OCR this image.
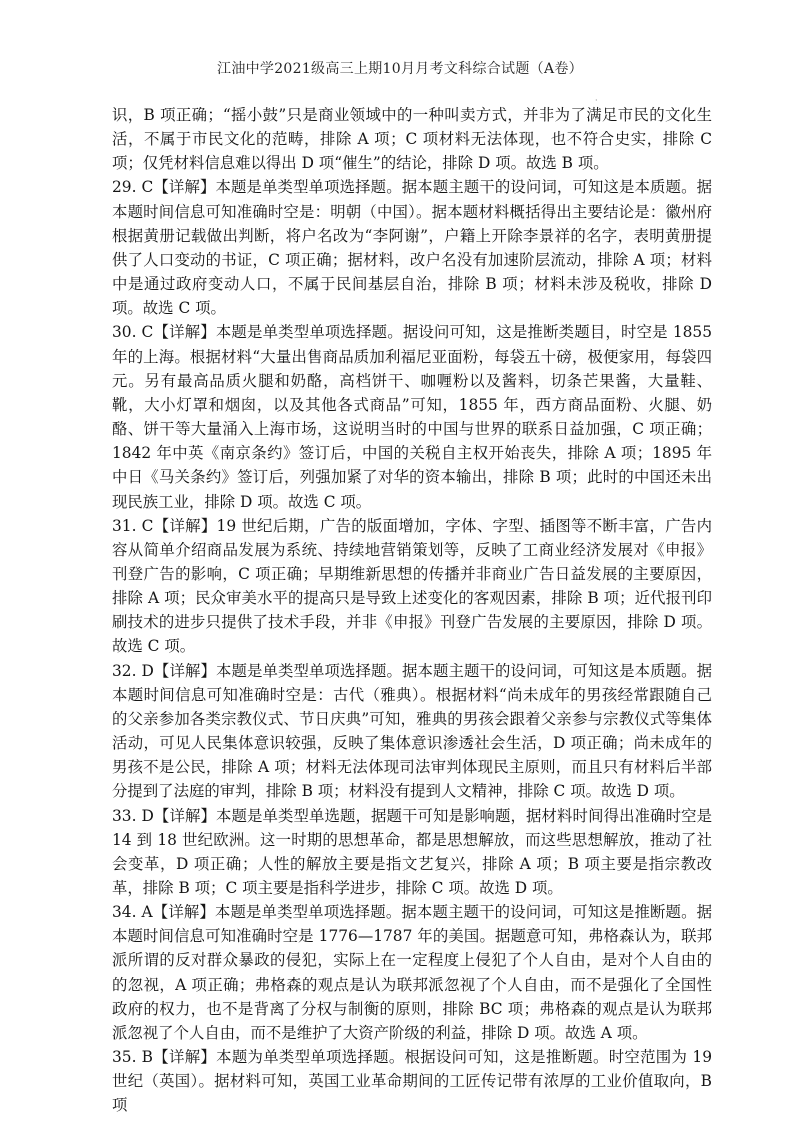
江油中学2021级高三上期10月月考文科综合试题（A卷）
·

识，B 项正确；“摇小鼓”只是商业领域中的一种叫卖方式，并非为了满足市民的文化生活，不属于市民文化的范畴，排除 A 项；C 项材料无法体现，也不符合史实，排除 C 项；仅凭材料信息难以得出 D 项“催生”的结论，排除 D 项。故选 B 项。

29. C【详解】本题是单类型单项选择题。据本题主题干的设问词，可知这是本质题。据本题时间信息可知准确时空是：明朝（中国）。据本题材料概括得出主要结论是：徽州府根据黄册记载做出判断，将户名改为“李阿谢”，户籍上开除李景祥的名字，表明黄册提供了人口变动的书证，C 项正确；据材料，改户名没有加速阶层流动，排除 A 项；材料中是通过政府变动人口，不属于民间基层自治，排除 B 项；材料未涉及税收，排除 D 项。故选 C 项。

30. C【详解】本题是单类型单项选择题。据设问可知，这是推断类题目，时空是 1855 年的上海。根据材料“大量出售商品质加利福尼亚面粉，每袋五十磅，极便家用，每袋四元。另有最高品质火腿和奶酪，高档饼干、咖喱粉以及酱料，切条芒果酱，大量鞋、靴，大小灯罩和烟囱，以及其他各式商品”可知，1855 年，西方商品面粉、火腿、奶酪、饼干等大量涌入上海市场，这说明当时的中国与世界的联系日益加强，C 项正确；1842 年中英《南京条约》签订后，中国的关税自主权开始丧失，排除 A 项；1895 年中日《马关条约》签订后，列强加紧了对华的资本输出，排除 B 项；此时的中国还未出现民族工业，排除 D 项。故选 C 项。

31. C【详解】19 世纪后期，广告的版面增加，字体、字型、插图等不断丰富，广告内容从简单介绍商品发展为系统、持续地营销策划等，反映了工商业经济发展对《申报》刊登广告的影响，C 项正确；早期维新思想的传播并非商业广告日益发展的主要原因，排除 A 项；民众审美水平的提高只是导致上述变化的客观因素，排除 B 项；近代报刊印刷技术的进步只提供了技术手段，并非《申报》刊登广告发展的主要原因，排除 D 项。故选 C 项。

32. D【详解】本题是单类型单项选择题。据本题主题干的设问词，可知这是本质题。据本题时间信息可知准确时空是：古代（雅典）。根据材料“尚未成年的男孩经常跟随自己的父亲参加各类宗教仪式、节日庆典”可知，雅典的男孩会跟着父亲参与宗教仪式等集体活动，可见人民集体意识较强，反映了集体意识渗透社会生活，D 项正确；尚未成年的男孩不是公民，排除 A 项；材料无法体现司法审判体现民主原则，而且只有材料后半部分提到了法庭的审判，排除 B 项；材料没有提到人文精神，排除 C 项。故选 D 项。

33. D【详解】本题是单类型单选题，据题干可知是影响题，据材料时间得出准确时空是 14 到 18 世纪欧洲。这一时期的思想革命，都是思想解放，而这些思想解放，推动了社会变革，D 项正确；人性的解放主要是指文艺复兴，排除 A 项；B 项主要是指宗教改革，排除 B 项；C 项主要是指科学进步，排除 C 项。故选 D 项。

34. A【详解】本题是单类型单项选择题。据本题主题干的设问词，可知这是推断题。据本题时间信息可知准确时空是 1776—1787 年的美国。据题意可知，弗格森认为，联邦派所谓的反对群众暴政的侵犯，实际上在一定程度上侵犯了个人自由，是对个人自由的的忽视，A 项正确；弗格森的观点是认为联邦派忽视了个人自由，而不是强化了全国性政府的权力，也不是背离了分权与制衡的原则，排除 BC 项；弗格森的观点是认为联邦派忽视了个人自由，而不是维护了大资产阶级的利益，排除 D 项。故选 A 项。

35. B【详解】本题为单类型单项选择题。根据设问可知，这是推断题。时空范围为 19 世纪（英国）。据材料可知，英国工业革命期间的工匠传记带有浓厚的工业价值取向，B 项
